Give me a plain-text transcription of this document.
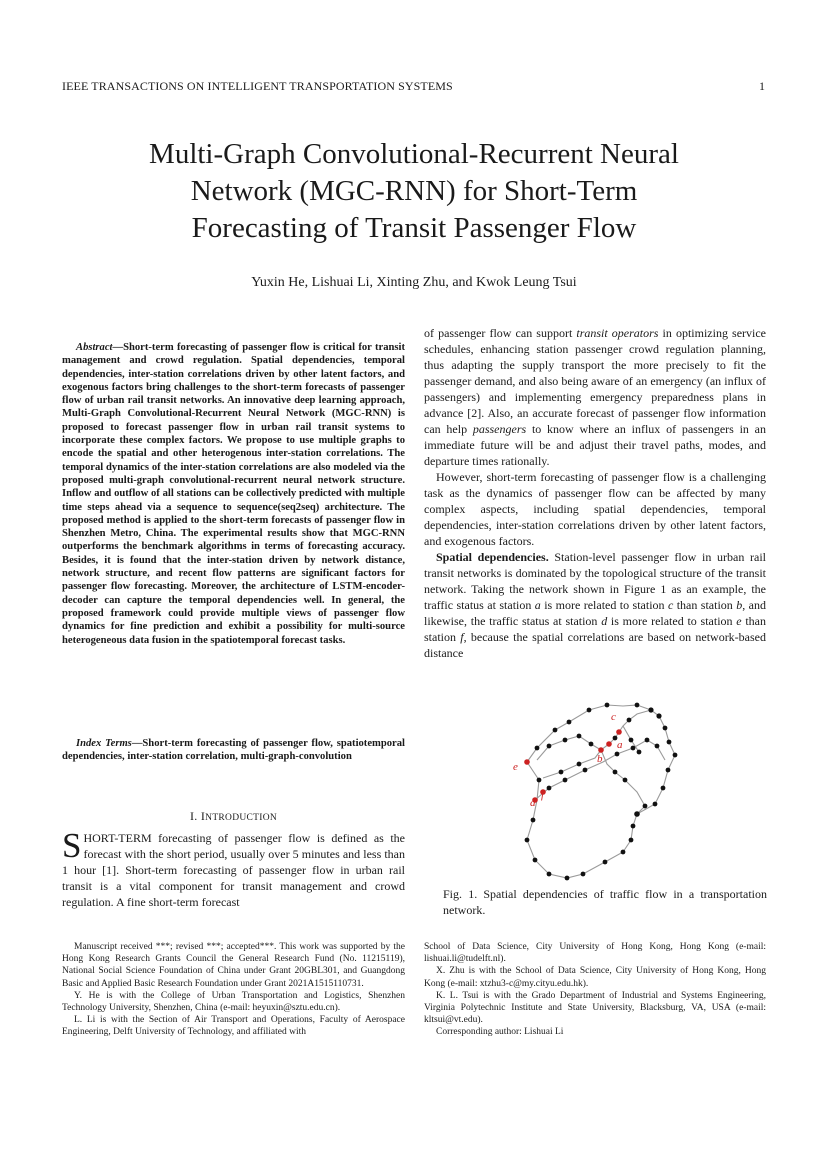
IEEE TRANSACTIONS ON INTELLIGENT TRANSPORTATION SYSTEMS	1
Multi-Graph Convolutional-Recurrent Neural
Network (MGC-RNN) for Short-Term
Forecasting of Transit Passenger Flow
Yuxin He, Lishuai Li, Xinting Zhu, and Kwok Leung Tsui
Abstract—Short-term forecasting of passenger flow is critical for transit management and crowd regulation. Spatial dependencies, temporal dependencies, inter-station correlations driven by other latent factors, and exogenous factors bring challenges to the short-term forecasts of passenger flow of urban rail transit networks. An innovative deep learning approach, Multi-Graph Convolutional-Recurrent Neural Network (MGC-RNN) is proposed to forecast passenger flow in urban rail transit systems to incorporate these complex factors. We propose to use multiple graphs to encode the spatial and other heterogenous inter-station correlations. The temporal dynamics of the inter-station correlations are also modeled via the proposed multi-graph convolutional-recurrent neural network structure. Inflow and outflow of all stations can be collectively predicted with multiple time steps ahead via a sequence to sequence(seq2seq) architecture. The proposed method is applied to the short-term forecasts of passenger flow in Shenzhen Metro, China. The experimental results show that MGC-RNN outperforms the benchmark algorithms in terms of forecasting accuracy. Besides, it is found that the inter-station driven by network distance, network structure, and recent flow patterns are significant factors for passenger flow forecasting. Moreover, the architecture of LSTM-encoder-decoder can capture the temporal dependencies well. In general, the proposed framework could provide multiple views of passenger flow dynamics for fine prediction and exhibit a possibility for multi-source heterogeneous data fusion in the spatiotemporal forecast tasks.
Index Terms—Short-term forecasting of passenger flow, spatiotemporal dependencies, inter-station correlation, multi-graph-convolution
I. INTRODUCTION
SHORT-TERM forecasting of passenger flow is defined as the forecast with the short period, usually over 5 minutes and less than 1 hour [1]. Short-term forecasting of passenger flow in urban rail transit is a vital component for transit management and crowd regulation. A fine short-term forecast

of passenger flow can support transit operators in optimizing service schedules, enhancing station passenger crowd regulation planning, thus adapting the supply transport the more precisely to fit the passenger demand, and also being aware of an emergency (an influx of passengers) and implementing emergency preparedness plans in advance [2]. Also, an accurate forecast of passenger flow information can help passengers to know where an influx of passengers in an immediate future will be and adjust their travel paths, modes, and departure times rationally.

However, short-term forecasting of passenger flow is a challenging task as the dynamics of passenger flow can be affected by many complex aspects, including spatial dependencies, temporal dependencies, inter-station correlations driven by other latent factors, and exogenous factors.

Spatial dependencies. Station-level passenger flow in urban rail transit networks is dominated by the topological structure of the transit network. Taking the network shown in Figure 1 as an example, the traffic status at station a is more related to station c than station b, and likewise, the traffic status at station d is more related to station e than station f, because the spatial correlations are based on network-based distance

a
b
c
d
e
f
Fig. 1. Spatial dependencies of traffic flow in a transportation network.

Manuscript received ***; revised ***; accepted***. This work was supported by the Hong Kong Research Grants Council the General Research Fund (No. 11215119), National Social Science Foundation of China under Grant 20GBL301, and Guangdong Basic and Applied Basic Research Foundation under Grant 2021A1515110731.

Y. He is with the College of Urban Transportation and Logistics, Shenzhen Technology University, Shenzhen, China (e-mail: heyuxin@sztu.edu.cn).

L. Li is with the Section of Air Transport and Operations, Faculty of Aerospace Engineering, Delft University of Technology, and affiliated with

School of Data Science, City University of Hong Kong, Hong Kong (e-mail: lishuai.li@tudelft.nl).

X. Zhu is with the School of Data Science, City University of Hong Kong, Hong Kong (e-mail: xtzhu3-c@my.cityu.edu.hk).

K. L. Tsui is with the Grado Department of Industrial and Systems Engineering, Virginia Polytechnic Institute and State University, Blacksburg, VA, USA (e-mail: kltsui@vt.edu).

Corresponding author: Lishuai Li
